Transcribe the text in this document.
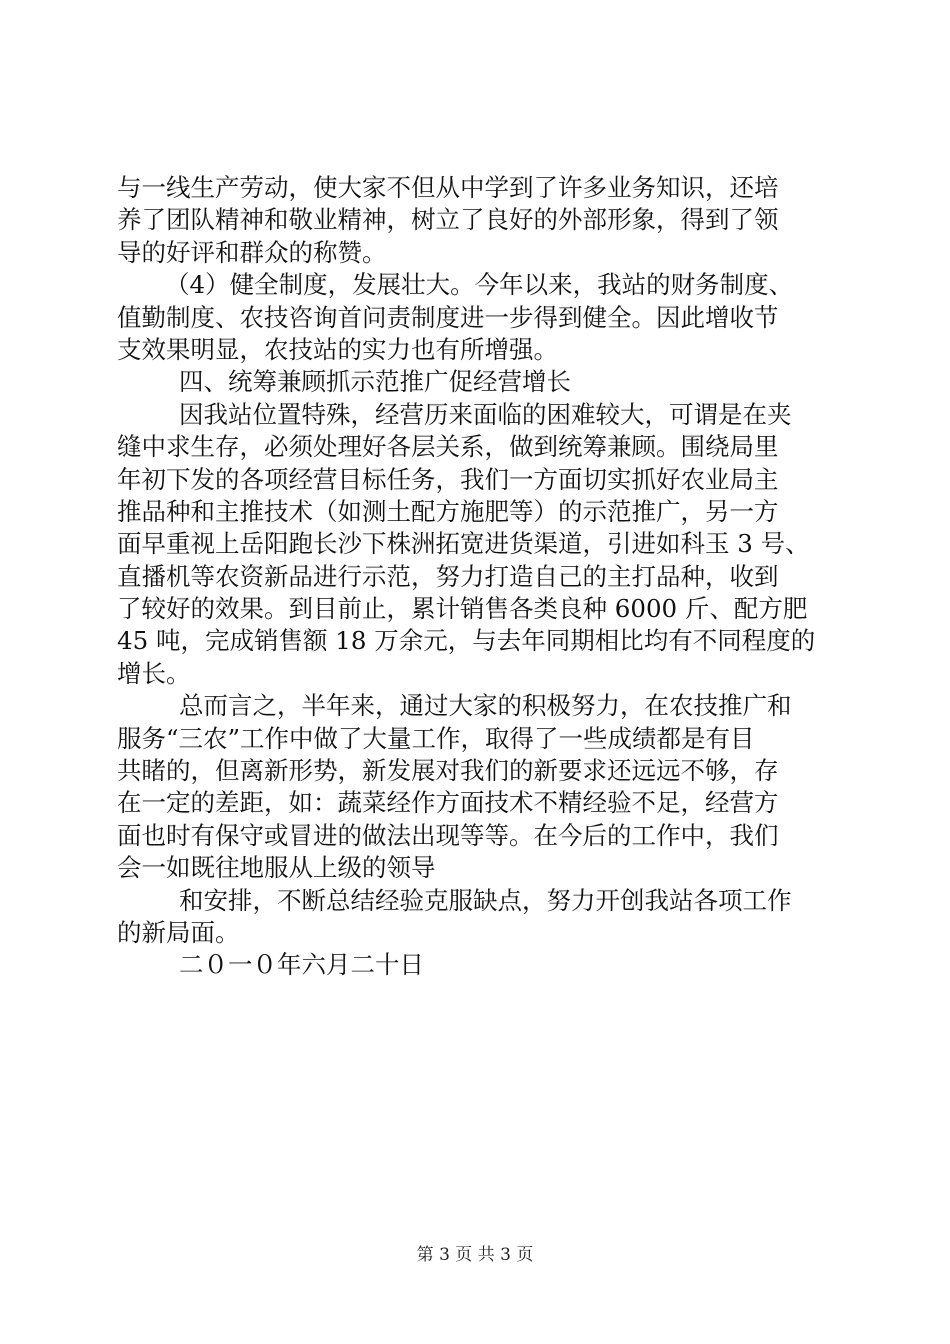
与一线生产劳动，使大家不但从中学到了许多业务知识，还培
养了团队精神和敬业精神，树立了良好的外部形象，得到了领
导的好评和群众的称赞。
（4）健全制度，发展壮大。今年以来，我站的财务制度、
值勤制度、农技咨询首问责制度进一步得到健全。因此增收节
支效果明显，农技站的实力也有所增强。
四、统筹兼顾抓示范推广促经营增长
因我站位置特殊，经营历来面临的困难较大，可谓是在夹
缝中求生存，必须处理好各层关系，做到统筹兼顾。围绕局里
年初下发的各项经营目标任务，我们一方面切实抓好农业局主
推品种和主推技术（如测土配方施肥等）的示范推广，另一方
面早重视上岳阳跑长沙下株洲拓宽进货渠道，引进如科玉 3 号、
直播机等农资新品进行示范，努力打造自己的主打品种，收到
了较好的效果。到目前止，累计销售各类良种 6000 斤、配方肥
45 吨，完成销售额 18 万余元，与去年同期相比均有不同程度的
增长。
总而言之，半年来，通过大家的积极努力，在农技推广和
服务“三农”工作中做了大量工作，取得了一些成绩都是有目
共睹的，但离新形势，新发展对我们的新要求还远远不够，存
在一定的差距，如：蔬菜经作方面技术不精经验不足，经营方
面也时有保守或冒进的做法出现等等。在今后的工作中，我们
会一如既往地服从上级的领导
和安排，不断总结经验克服缺点，努力开创我站各项工作
的新局面。
二０一０年六月二十日
第 3 页 共 3 页
